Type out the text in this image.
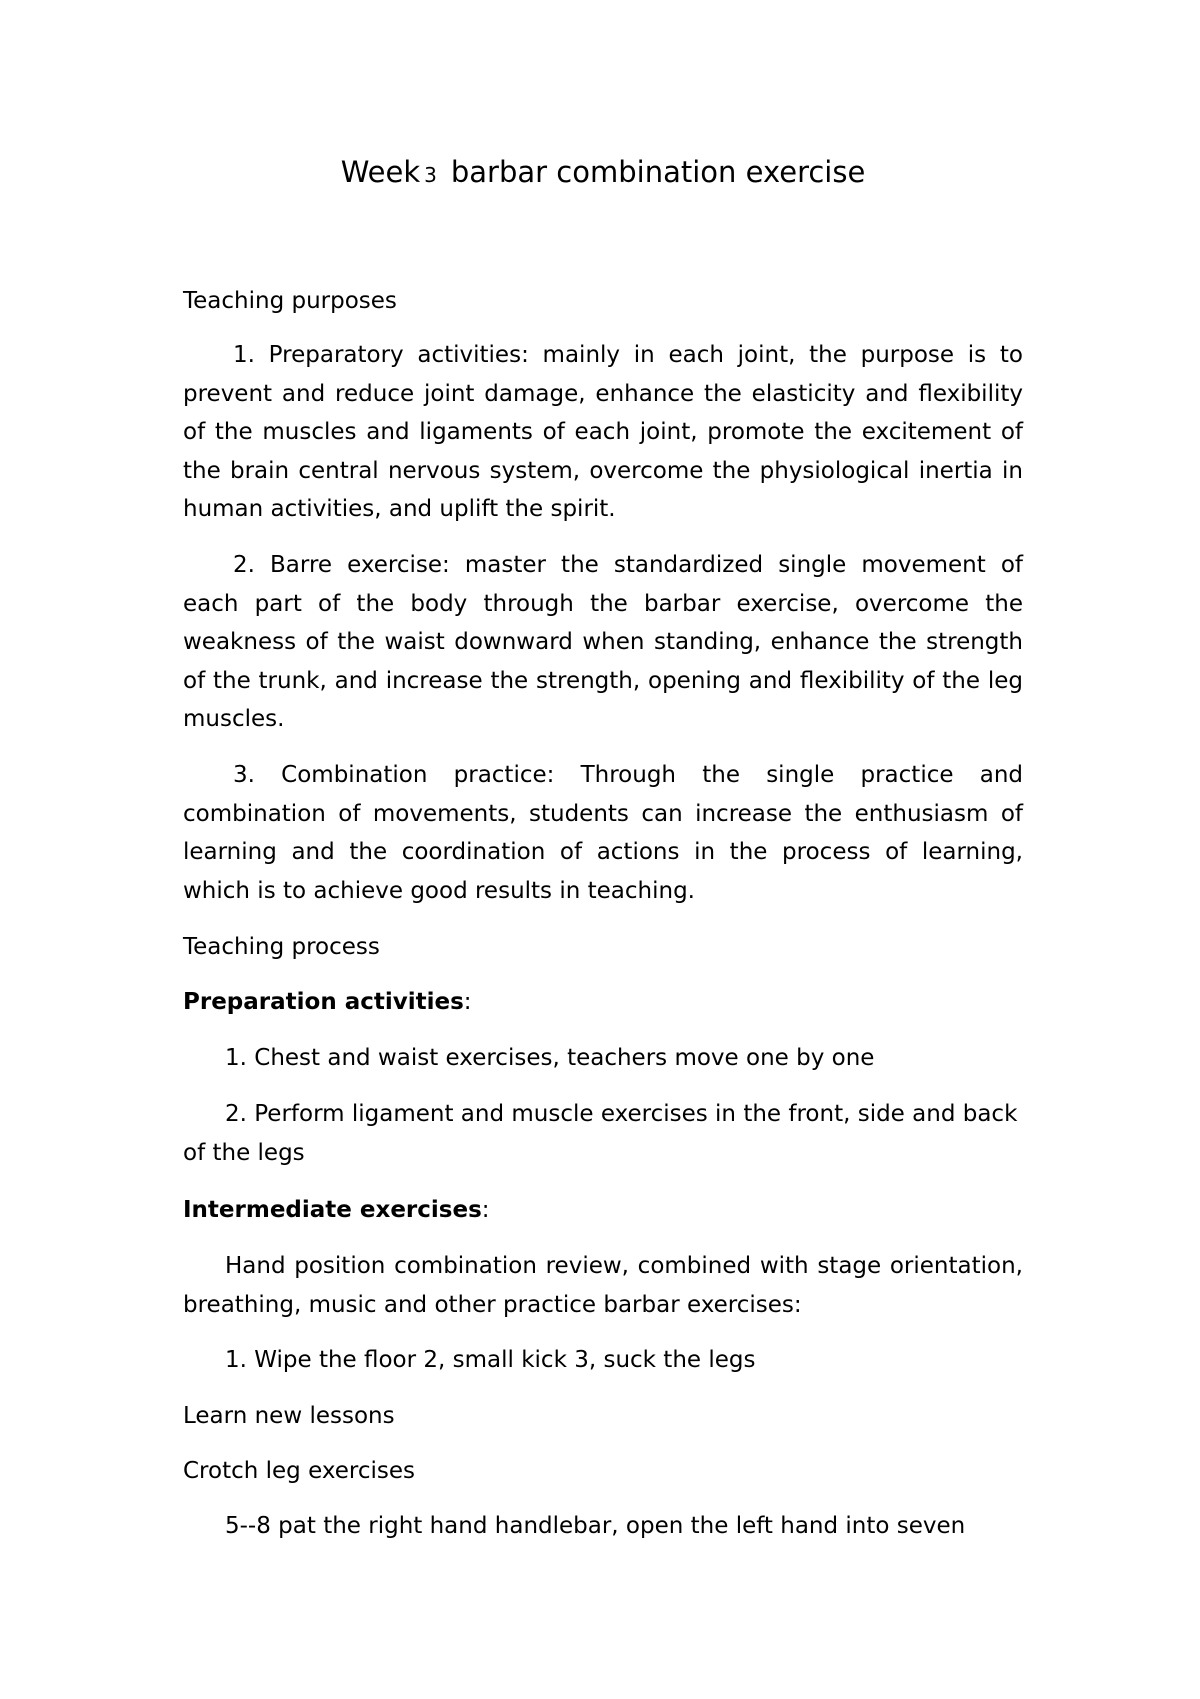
Week 3 barbar combination exercise

Teaching purposes

1. Preparatory activities: mainly in each joint, the purpose is to prevent and reduce joint damage, enhance the elasticity and flexibility of the muscles and ligaments of each joint, promote the excitement of the brain central nervous system, overcome the physiological inertia in human activities, and uplift the spirit.

2. Barre exercise: master the standardized single movement of each part of the body through the barbar exercise, overcome the weakness of the waist downward when standing, enhance the strength of the trunk, and increase the strength, opening and flexibility of the leg muscles.

3. Combination practice: Through the single practice and combination of movements, students can increase the enthusiasm of learning and the coordination of actions in the process of learning, which is to achieve good results in teaching.

Teaching process

Preparation activities:

1. Chest and waist exercises, teachers move one by one

2. Perform ligament and muscle exercises in the front, side and back of the legs

Intermediate exercises:

Hand position combination review, combined with stage orientation, breathing, music and other practice barbar exercises:

1. Wipe the floor 2, small kick 3, suck the legs

Learn new lessons

Crotch leg exercises

5--8 pat the right hand handlebar, open the left hand into seven
